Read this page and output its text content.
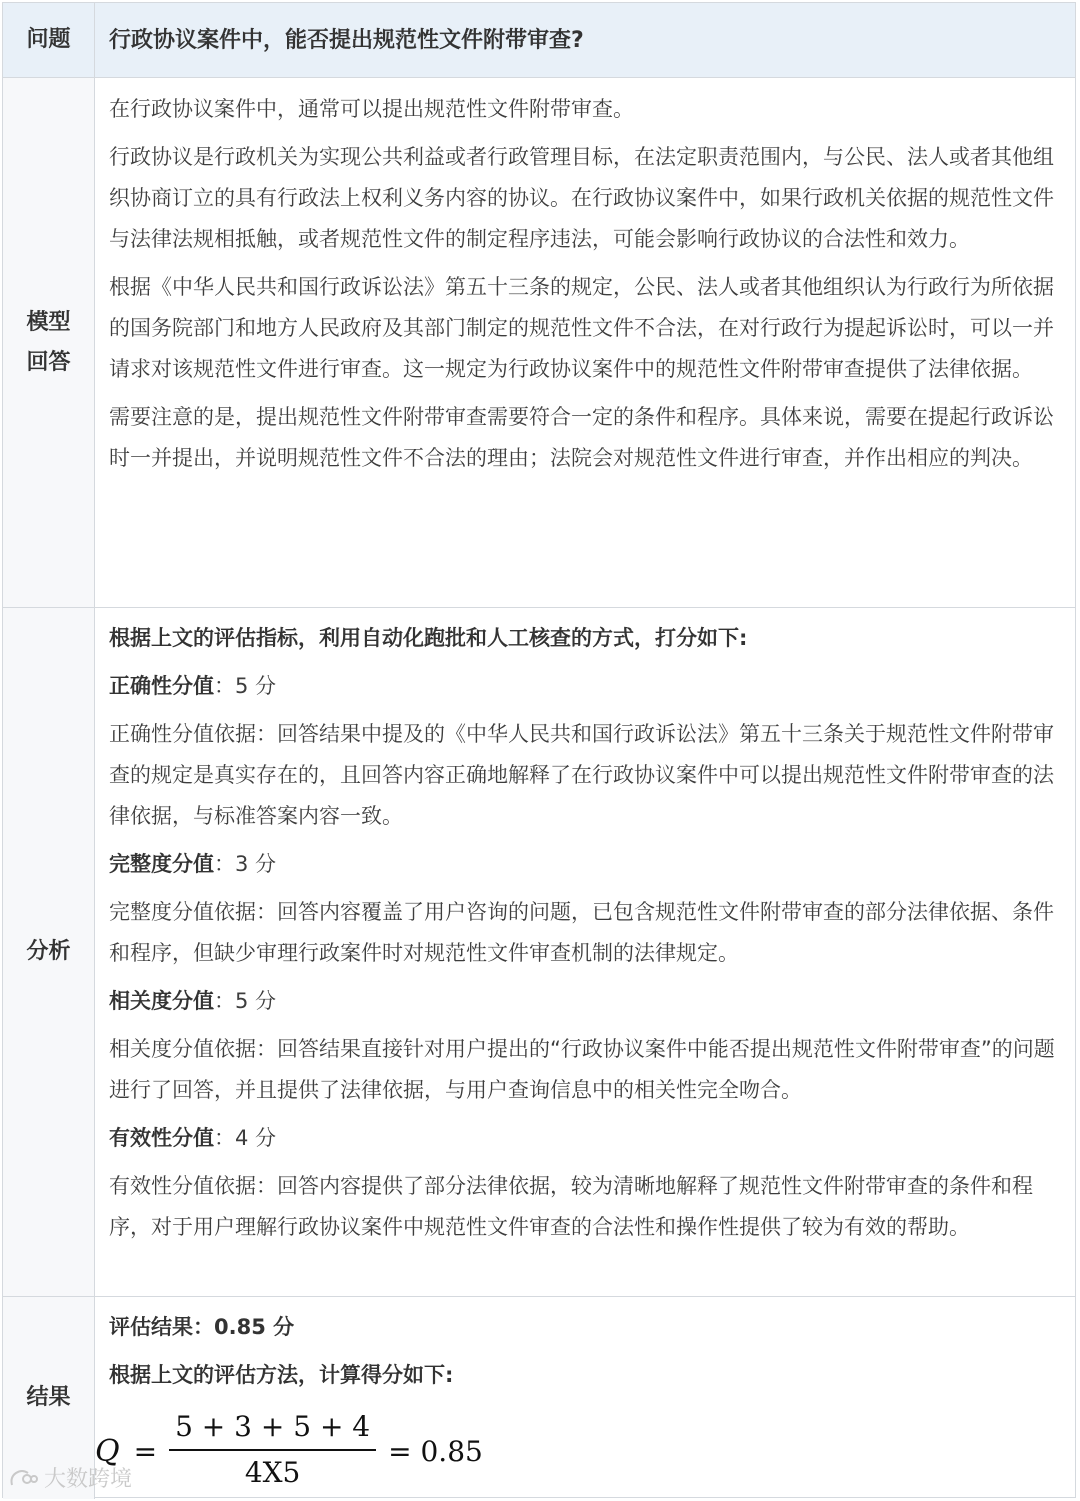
问题	行政协议案件中，能否提出规范性文件附带审查?
模型
回答

在行政协议案件中，通常可以提出规范性文件附带审查。

行政协议是行政机关为实现公共利益或者行政管理目标，在法定职责范围内，与公民、法人或者其他组织协商订立的具有行政法上权利义务内容的协议。在行政协议案件中，如果行政机关依据的规范性文件与法律法规相抵触，或者规范性文件的制定程序违法，可能会影响行政协议的合法性和效力。

根据《中华人民共和国行政诉讼法》第五十三条的规定，公民、法人或者其他组织认为行政行为所依据的国务院部门和地方人民政府及其部门制定的规范性文件不合法，在对行政行为提起诉讼时，可以一并请求对该规范性文件进行审查。这一规定为行政协议案件中的规范性文件附带审查提供了法律依据。

需要注意的是，提出规范性文件附带审查需要符合一定的条件和程序。具体来说，需要在提起行政诉讼时一并提出，并说明规范性文件不合法的理由；法院会对规范性文件进行审查，并作出相应的判决。

分析

根据上文的评估指标，利用自动化跑批和人工核查的方式，打分如下:

正确性分值：5 分

正确性分值依据：回答结果中提及的《中华人民共和国行政诉讼法》第五十三条关于规范性文件附带审查的规定是真实存在的，且回答内容正确地解释了在行政协议案件中可以提出规范性文件附带审查的法律依据，与标准答案内容一致。

完整度分值：3 分

完整度分值依据：回答内容覆盖了用户咨询的问题，已包含规范性文件附带审查的部分法律依据、条件和程序，但缺少审理行政案件时对规范性文件审查机制的法律规定。

相关度分值：5 分

相关度分值依据：回答结果直接针对用户提出的“行政协议案件中能否提出规范性文件附带审查”的问题进行了回答，并且提供了法律依据，与用户查询信息中的相关性完全吻合。

有效性分值：4 分

有效性分值依据：回答内容提供了部分法律依据，较为清晰地解释了规范性文件附带审查的条件和程序，对于用户理解行政协议案件中规范性文件审查的合法性和操作性提供了较为有效的帮助。

结果

评估结果：0.85 分

根据上文的评估方法，计算得分如下:

$Q = \frac{5 + 3 + 5 + 4}{4X5} = 0.85$
大数跨境
